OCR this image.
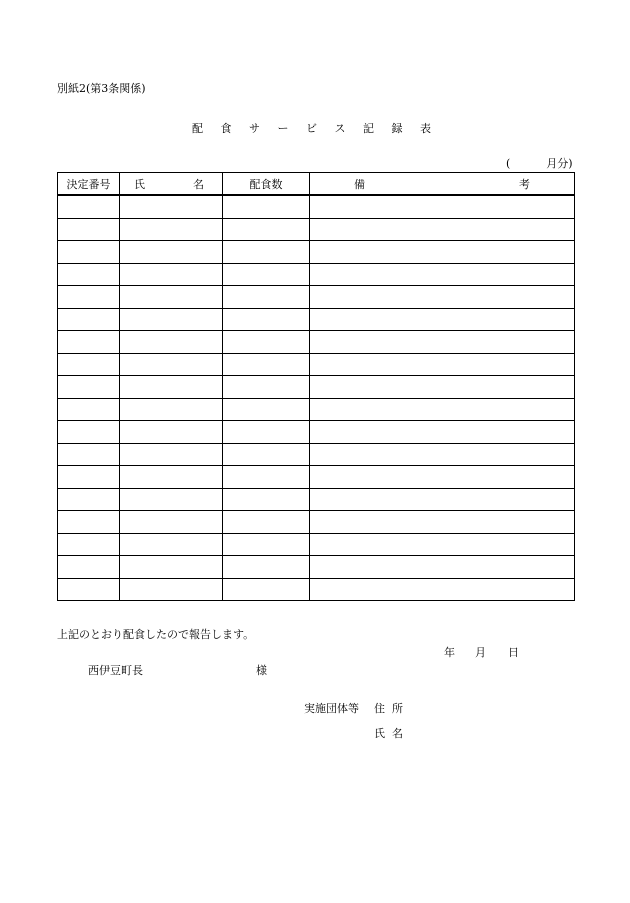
別紙2(第3条関係)
配 食 サ ー ビ ス 記 録 表
(	月分)
決定番号	氏 名	配食数	備 考

上記のとおり配食したので報告します。
年 月 日
西伊豆町長	様
実施団体等 住 所
氏 名
